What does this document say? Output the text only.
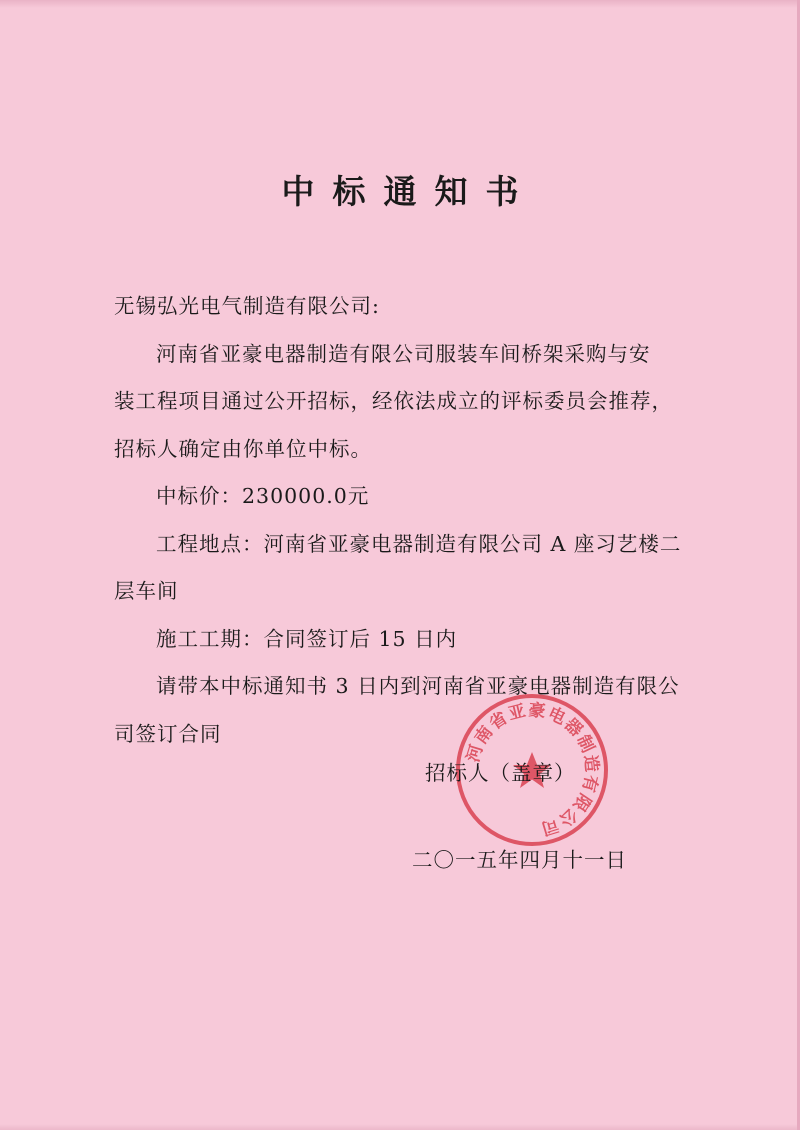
中标通知书

无锡弘光电气制造有限公司:

河南省亚豪电器制造有限公司服装车间桥架采购与安

装工程项目通过公开招标，经依法成立的评标委员会推荐，

招标人确定由你单位中标。

中标价：230000.0元

工程地点：河南省亚豪电器制造有限公司 A 座习艺楼二

层车间

施工工期：合同签订后 15 日内

请带本中标通知书 3 日内到河南省亚豪电器制造有限公

司签订合同

河南省亚豪电器制造有限公司
招标人（盖章）
二〇一五年四月十一日
